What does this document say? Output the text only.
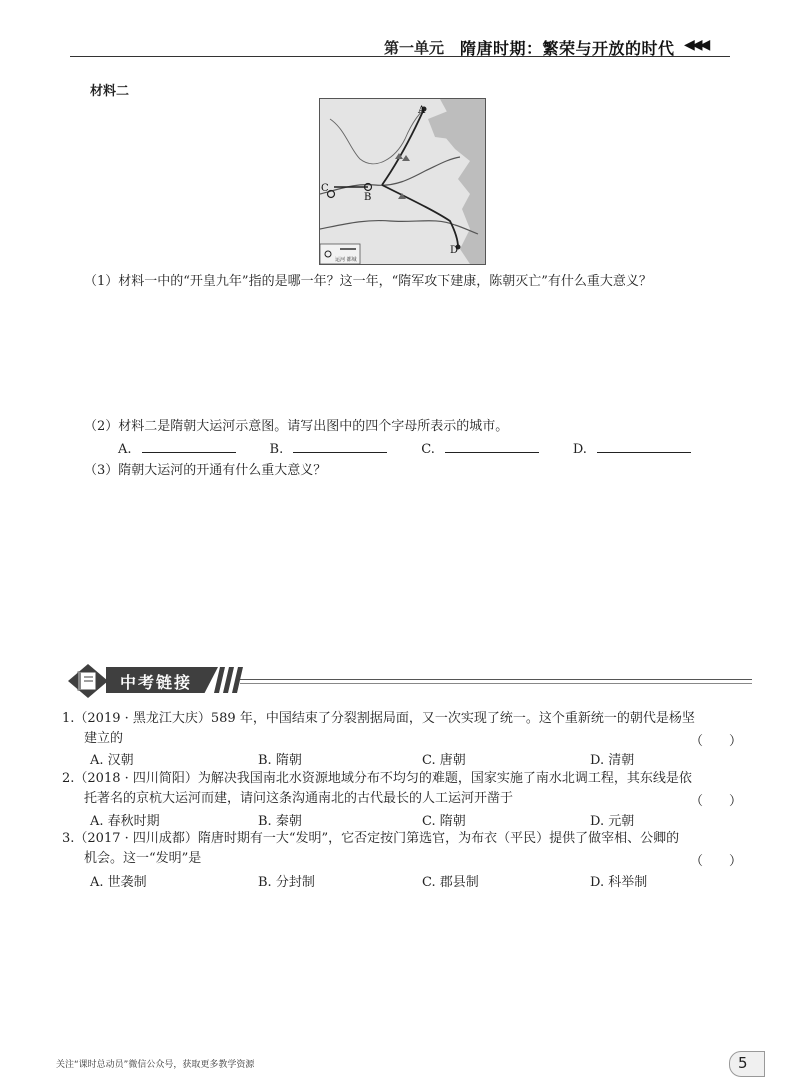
第一单元 隋唐时期：繁荣与开放的时代 ◀◀◀
材料二
A
B
C
D
运河 都城
（1）材料一中的“开皇九年”指的是哪一年？这一年，“隋军攻下建康，陈朝灭亡”有什么重大意义？
（2）材料二是隋朝大运河示意图。请写出图中的四个字母所表示的城市。
A.	B.	C.	D.
（3）隋朝大运河的开通有什么重大意义？
中考链接
1.（2019 · 黑龙江大庆）589 年，中国结束了分裂割据局面，又一次实现了统一。这个重新统一的朝代是杨坚
建立的	（　　）
A. 汉朝	B. 隋朝	C. 唐朝	D. 清朝
2.（2018 · 四川简阳）为解决我国南北水资源地域分布不均匀的难题，国家实施了南水北调工程，其东线是依
托著名的京杭大运河而建，请问这条沟通南北的古代最长的人工运河开凿于	（　　）
A. 春秋时期	B. 秦朝	C. 隋朝	D. 元朝
3.（2017 · 四川成都）隋唐时期有一大“发明”，它否定按门第选官，为布衣（平民）提供了做宰相、公卿的
机会。这一“发明”是	（　　）
A. 世袭制	B. 分封制	C. 郡县制	D. 科举制
关注“课时总动员”微信公众号，获取更多教学资源	5
